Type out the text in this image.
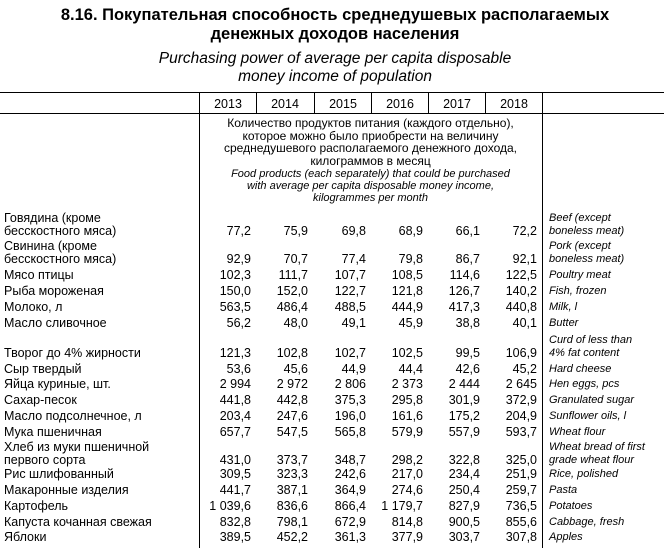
8.16. Покупательная способность среднедушевых располагаемых
денежных доходов населения
Purchasing power of average per capita disposable
money income of population
2013	2014	2015	2016	2017	2018
Количество продуктов питания (каждого отдельно),
которое можно было приобрести на величину
среднедушевого располагаемого денежного дохода,
килограммов в месяц
Food products (each separately) that could be purchased
with average per capita disposable money income,
kilogrammes per month
Говядина (кроме
бесскостного мяса)	77,2	75,9	69,8	68,9	66,1	72,2
Beef (except
boneless meat)
Свинина (кроме
бесскостного мяса)	92,9	70,7	77,4	79,8	86,7	92,1
Pork (except
boneless meat)
Мясо птицы	102,3	111,7	107,7	108,5	114,6	122,5 Poultry meat
Рыба мороженая	150,0	152,0	122,7	121,8	126,7	140,2 Fish, frozen
Молоко, л	563,5	486,4	488,5	444,9	417,3	440,8 Milk, l
Масло сливочное	56,2	48,0	49,1	45,9	38,8	40,1 Butter
Творог до 4% жирности	121,3	102,8	102,7	102,5	99,5	106,9
Curd of less than
4% fat content
Сыр твердый	53,6	45,6	44,9	44,4	42,6	45,2 Hard cheese
Яйца куриные, шт.	2 994	2 972	2 806	2 373	2 444	2 645 Hen eggs, pcs
Сахар-песок	441,8	442,8	375,3	295,8	301,9	372,9 Granulated sugar
Масло подсолнечное, л	203,4	247,6	196,0	161,6	175,2	204,9 Sunflower oils, l
Мука пшеничная	657,7	547,5	565,8	579,9	557,9	593,7 Wheat flour
Хлеб из муки пшеничной
первого сорта	431,0	373,7	348,7	298,2	322,8	325,0
Wheat bread of first
grade wheat flour
Рис шлифованный	309,5	323,3	242,6	217,0	234,4	251,9 Rice, polished
Макаронные изделия	441,7	387,1	364,9	274,6	250,4	259,7 Pasta
Картофель	1 039,6	836,6	866,4	1 179,7	827,9	736,5 Potatoes
Капуста кочанная свежая	832,8	798,1	672,9	814,8	900,5	855,6 Cabbage, fresh
Яблоки	389,5	452,2	361,3	377,9	303,7	307,8 Apples
